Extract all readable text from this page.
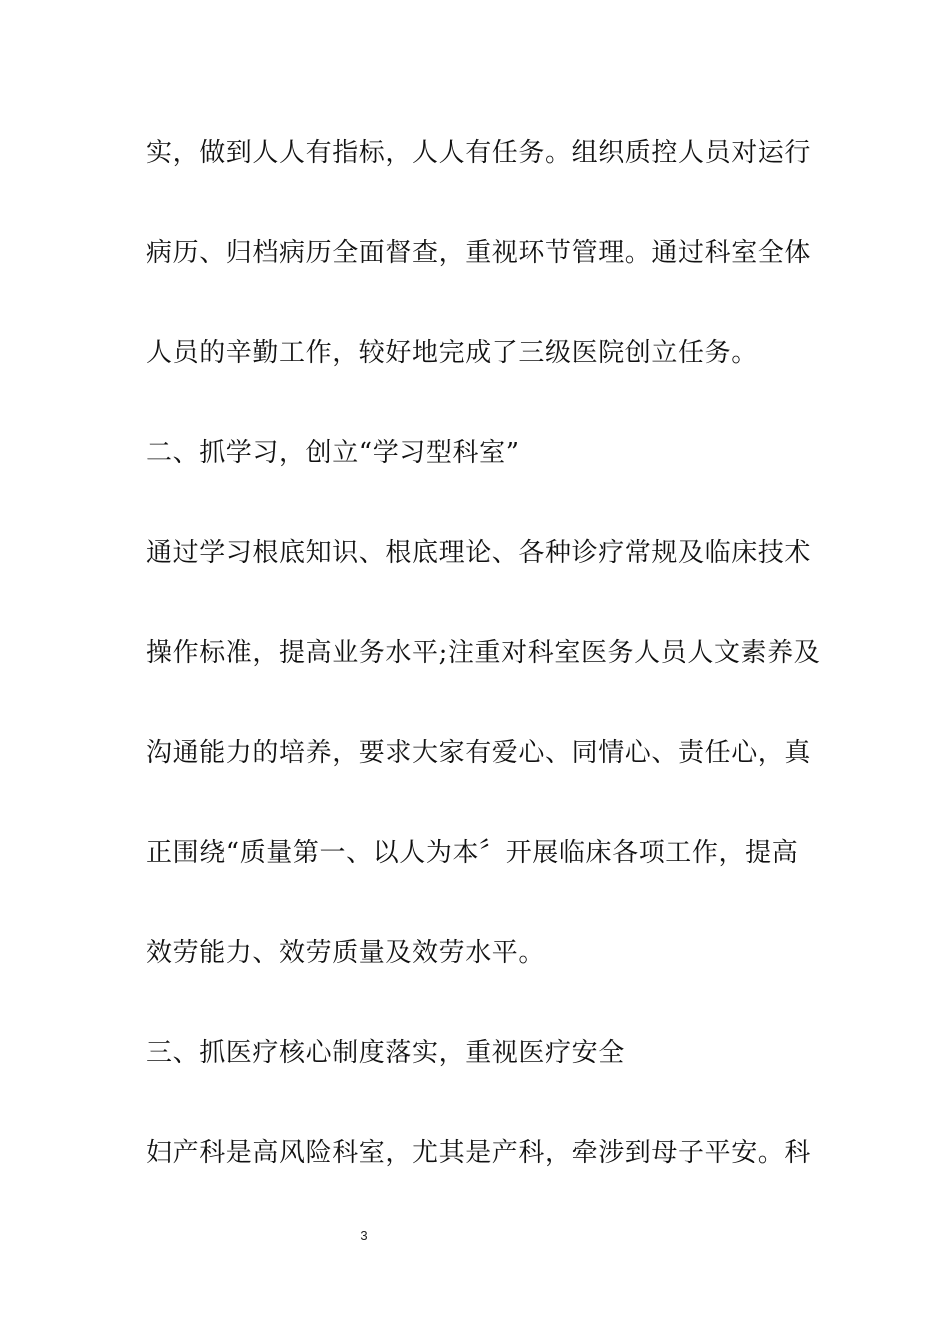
实，做到人人有指标，人人有任务。组织质控人员对运行
病历、归档病历全面督查，重视环节管理。通过科室全体
人员的辛勤工作，较好地完成了三级医院创立任务。
二、抓学习，创立“学习型科室”
通过学习根底知识、根底理论、各种诊疗常规及临床技术
操作标准，提高业务水平;注重对科室医务人员人文素养及
沟通能力的培养，要求大家有爱心、同情心、责任心，真
正围绕“质量第一、以人为本〞开展临床各项工作，提高
效劳能力、效劳质量及效劳水平。
三、抓医疗核心制度落实，重视医疗安全
妇产科是高风险科室，尤其是产科，牵涉到母子平安。科
3
